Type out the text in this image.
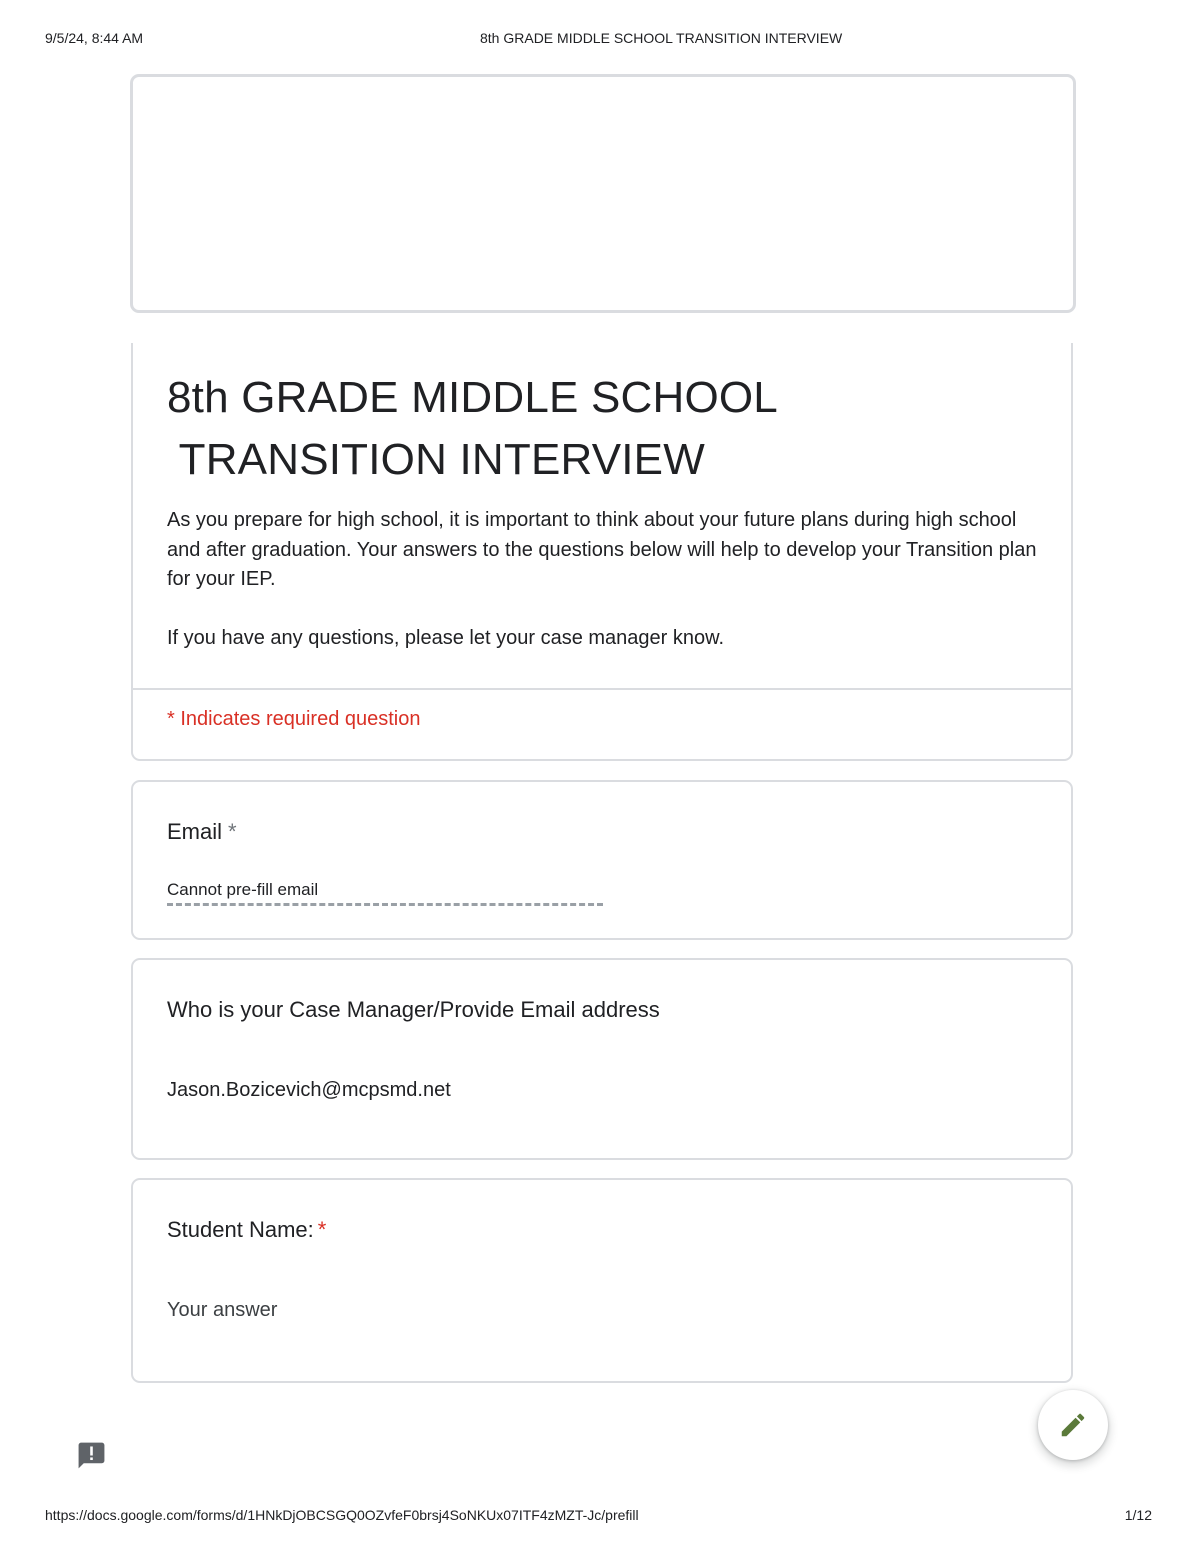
9/5/24, 8:44 AM	8th GRADE MIDDLE SCHOOL TRANSITION INTERVIEW
8th GRADE MIDDLE SCHOOL
TRANSITION INTERVIEW

As you prepare for high school, it is important to think about your future plans during high school and after graduation. Your answers to the questions below will help to develop your Transition plan for your IEP.

If you have any questions, please let your case manager know.

* Indicates required question
Email *
Cannot pre-fill email
Who is your Case Manager/Provide Email address
Jason.Bozicevich@mcpsmd.net
Student Name: *
Your answer
https://docs.google.com/forms/d/1HNkDjOBCSGQ0OZvfeF0brsj4SoNKUx07ITF4zMZT-Jc/prefill	1/12
